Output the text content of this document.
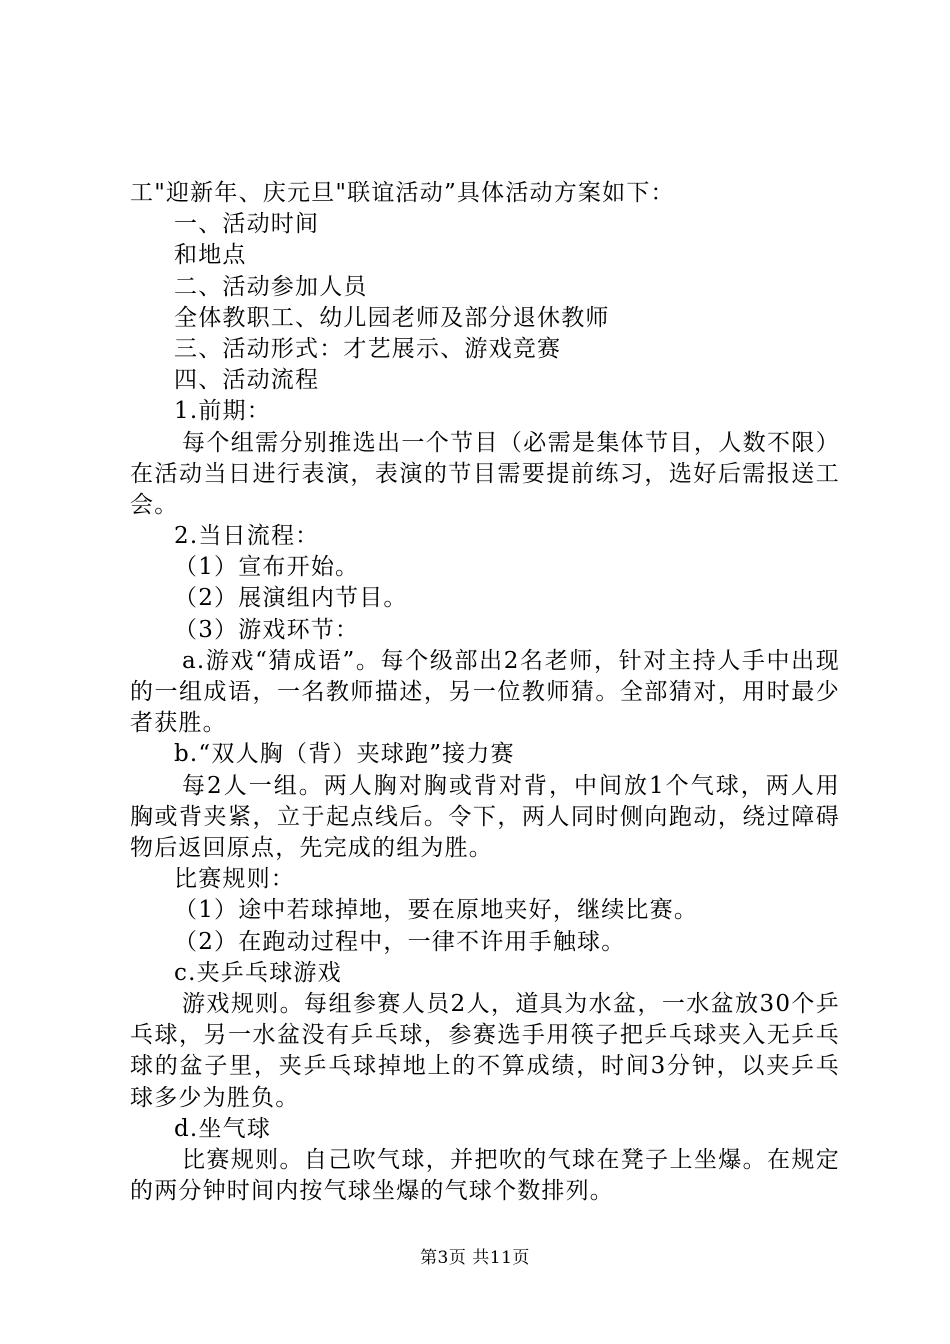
工"迎新年、庆元旦"联谊活动”具体活动方案如下：
一、活动时间
和地点
二、活动参加人员
全体教职工、幼儿园老师及部分退休教师
三、活动形式：才艺展示、游戏竞赛
四、活动流程
1.前期：
每个组需分别推选出一个节目（必需是集体节目，人数不限）在活动当日进行表演，表演的节目需要提前练习，选好后需报送工会。
2.当日流程：
（1）宣布开始。
（2）展演组内节目。
（3）游戏环节：
a.游戏“猜成语”。每个级部出2名老师，针对主持人手中出现的一组成语，一名教师描述，另一位教师猜。全部猜对，用时最少者获胜。
b.“双人胸（背）夹球跑”接力赛
每2人一组。两人胸对胸或背对背，中间放1个气球，两人用胸或背夹紧，立于起点线后。令下，两人同时侧向跑动，绕过障碍物后返回原点，先完成的组为胜。
比赛规则：
（1）途中若球掉地，要在原地夹好，继续比赛。
（2）在跑动过程中，一律不许用手触球。
c.夹乒乓球游戏
游戏规则。每组参赛人员2人，道具为水盆，一水盆放30个乒乓球，另一水盆没有乒乓球，参赛选手用筷子把乒乓球夹入无乒乓球的盆子里，夹乒乓球掉地上的不算成绩，时间3分钟，以夹乒乓球多少为胜负。
d.坐气球
比赛规则。自己吹气球，并把吹的气球在凳子上坐爆。在规定的两分钟时间内按气球坐爆的气球个数排列。
第3页 共11页
